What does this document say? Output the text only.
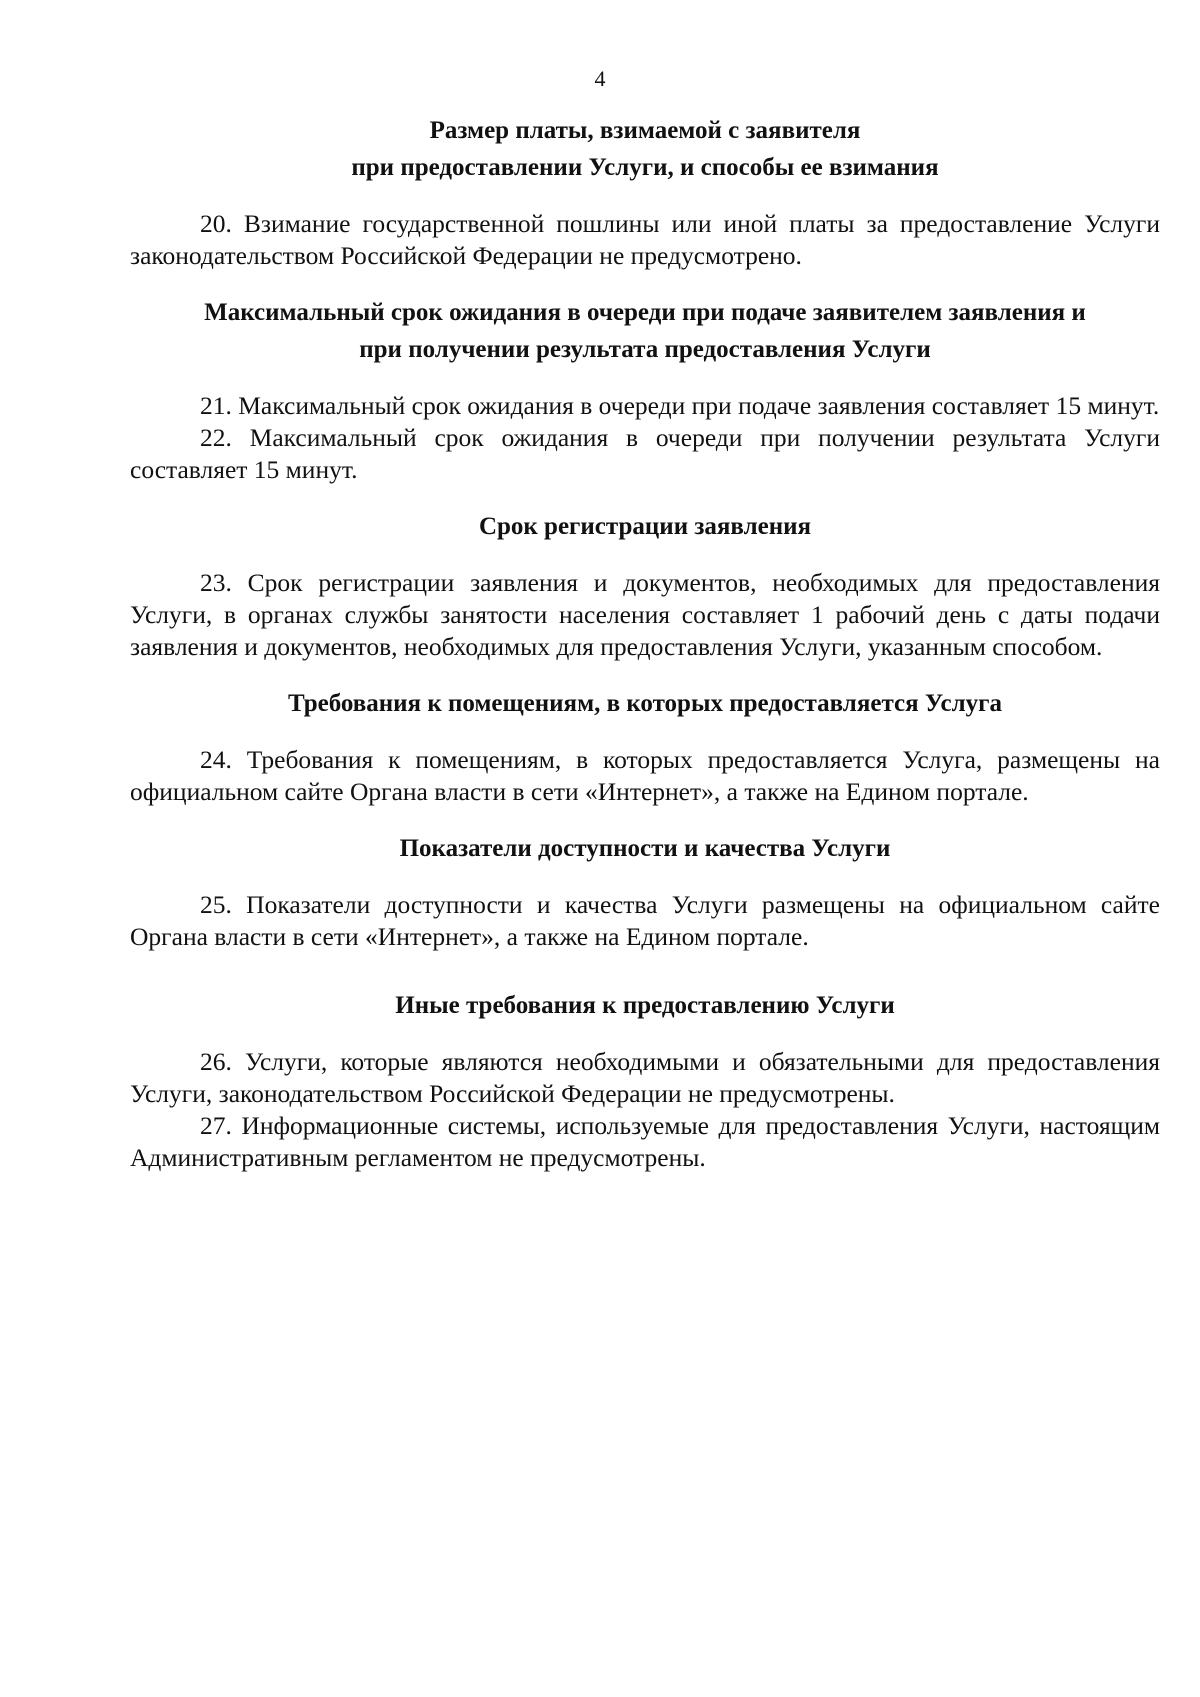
4

Размер платы, взимаемой с заявителя

при предоставлении Услуги, и способы ее взимания

20. Взимание государственной пошлины или иной платы за предоставление Услуги законодательством Российской Федерации не предусмотрено.

Максимальный срок ожидания в очереди при подаче заявителем заявления и

при получении результата предоставления Услуги

21. Максимальный срок ожидания в очереди при подаче заявления составляет 15 минут.

22. Максимальный срок ожидания в очереди при получении результата Услуги составляет 15 минут.

Срок регистрации заявления

23. Срок регистрации заявления и документов, необходимых для предоставления Услуги, в органах службы занятости населения составляет 1 рабочий день с даты подачи заявления и документов, необходимых для предоставления Услуги, указанным способом.

Требования к помещениям, в которых предоставляется Услуга

24. Требования к помещениям, в которых предоставляется Услуга, размещены на официальном сайте Органа власти в сети «Интернет», а также на Едином портале.

Показатели доступности и качества Услуги

25. Показатели доступности и качества Услуги размещены на официальном сайте Органа власти в сети «Интернет», а также на Едином портале.

Иные требования к предоставлению Услуги

26. Услуги, которые являются необходимыми и обязательными для предоставления Услуги, законодательством Российской Федерации не предусмотрены.

27. Информационные системы, используемые для предоставления Услуги, настоящим Административным регламентом не предусмотрены.
